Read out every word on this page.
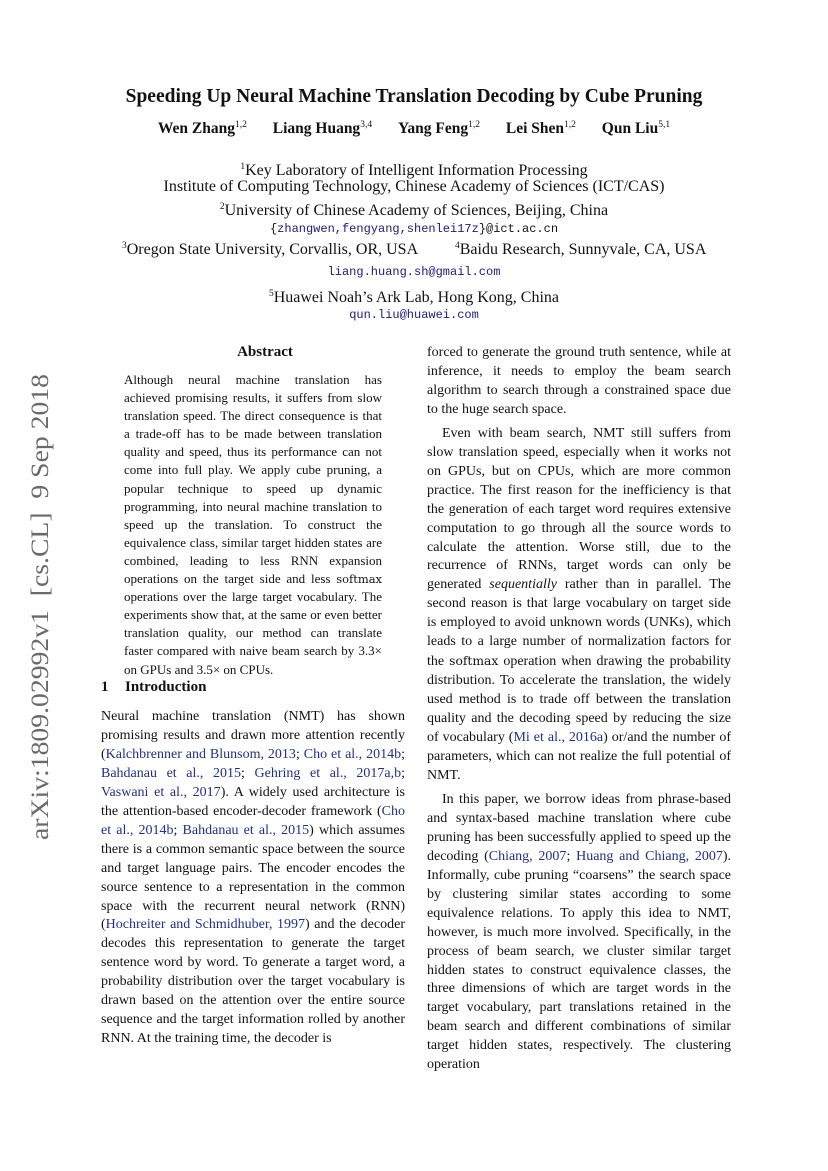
Speeding Up Neural Machine Translation Decoding by Cube Pruning
Wen Zhang$^{1,2}$ Liang Huang$^{3,4}$ Yang Feng$^{1,2}$ Lei Shen$^{1,2}$ Qun Liu$^{5,1}$
$^1$Key Laboratory of Intelligent Information Processing
Institute of Computing Technology, Chinese Academy of Sciences (ICT/CAS)
$^2$University of Chinese Academy of Sciences, Beijing, China
{zhangwen,fengyang,shenlei17z}@ict.ac.cn
$^3$Oregon State University, Corvallis, OR, USA	$^4$Baidu Research, Sunnyvale, CA, USA
liang.huang.sh@gmail.com
$^5$Huawei Noah’s Ark Lab, Hong Kong, China
qun.liu@huawei.com
arXiv:1809.02992v1  [cs.CL]  9 Sep 2018
Abstract
Although neural machine translation has achieved promising results, it suffers from slow translation speed. The direct consequence is that a trade-off has to be made between translation quality and speed, thus its performance can not come into full play. We apply cube pruning, a popular technique to speed up dynamic programming, into neural machine translation to speed up the translation. To construct the equivalence class, similar target hidden states are combined, leading to less RNN expansion operations on the target side and less softmax operations over the large target vocabulary. The experiments show that, at the same or even better translation quality, our method can translate faster compared with naive beam search by 3.3× on GPUs and 3.5× on CPUs.
1 Introduction

Neural machine translation (NMT) has shown promising results and drawn more attention recently (Kalchbrenner and Blunsom, 2013; Cho et al., 2014b; Bahdanau et al., 2015; Gehring et al., 2017a,b; Vaswani et al., 2017). A widely used architecture is the attention-based encoder-decoder framework (Cho et al., 2014b; Bahdanau et al., 2015) which assumes there is a common semantic space between the source and target language pairs. The encoder encodes the source sentence to a representation in the common space with the recurrent neural network (RNN) (Hochreiter and Schmidhuber, 1997) and the decoder decodes this representation to generate the target sentence word by word. To generate a target word, a probability distribution over the target vocabulary is drawn based on the attention over the entire source sequence and the target information rolled by another RNN. At the training time, the decoder is

forced to generate the ground truth sentence, while at inference, it needs to employ the beam search algorithm to search through a constrained space due to the huge search space.

Even with beam search, NMT still suffers from slow translation speed, especially when it works not on GPUs, but on CPUs, which are more common practice. The first reason for the inefficiency is that the generation of each target word requires extensive computation to go through all the source words to calculate the attention. Worse still, due to the recurrence of RNNs, target words can only be generated sequentially rather than in parallel. The second reason is that large vocabulary on target side is employed to avoid unknown words (UNKs), which leads to a large number of normalization factors for the softmax operation when drawing the probability distribution. To accelerate the translation, the widely used method is to trade off between the translation quality and the decoding speed by reducing the size of vocabulary (Mi et al., 2016a) or/and the number of parameters, which can not realize the full potential of NMT.

In this paper, we borrow ideas from phrase-based and syntax-based machine translation where cube pruning has been successfully applied to speed up the decoding (Chiang, 2007; Huang and Chiang, 2007). Informally, cube pruning “coarsens” the search space by clustering similar states according to some equivalence relations. To apply this idea to NMT, however, is much more involved. Specifically, in the process of beam search, we cluster similar target hidden states to construct equivalence classes, the three dimensions of which are target words in the target vocabulary, part translations retained in the beam search and different combinations of similar target hidden states, respectively. The clustering operation
